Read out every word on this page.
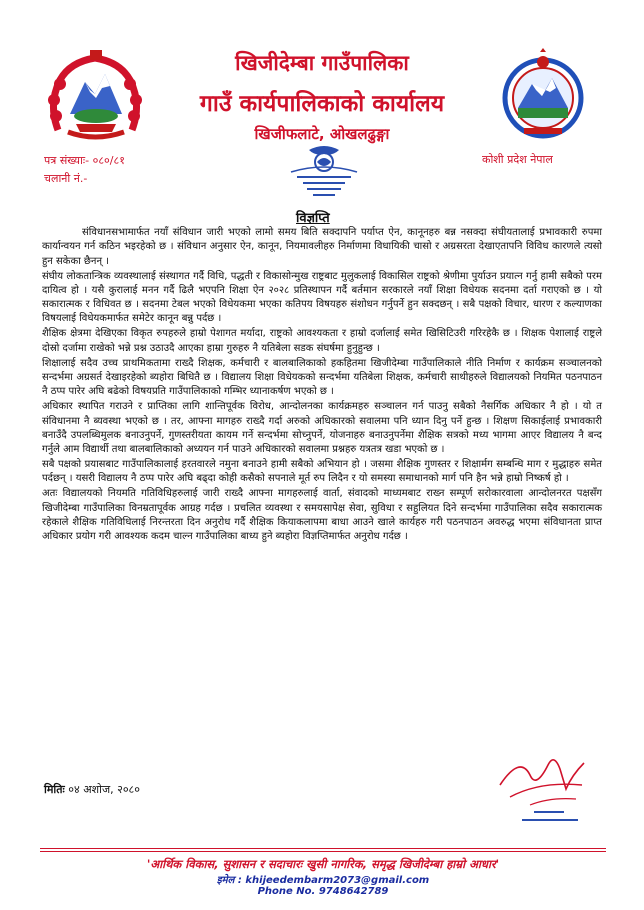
खिजीदेम्बा गाउँपालिका
गाउँ कार्यपालिकाको कार्यालय
खिजीफलाटे, ओखलढुङ्गा
पत्र संख्याः- ०८०/८१
चलानी नं.-
कोशी प्रदेश नेपाल
विज्ञप्ति

संविधानसभामार्फत नयाँ संविधान जारी भएको लामो समय बिति सक्दापनि पर्याप्त ऐन, कानूनहरु बन्न नसक्दा संघीयतालाई प्रभावकारी रुपमा कार्यान्वयन गर्न कठिन भइरहेको छ । संविधान अनुसार ऐन, कानून, नियमावलीहरु निर्माणमा विधायिकी चासो र अग्रसरता देखाएतापनि विविध कारणले त्यसो हुन सकेका छैनन् ।

संघीय लोकतान्त्रिक व्यवस्थालाई संस्थागत गर्दै विधि, पद्धती र विकासोन्मुख राष्ट्रबाट मुलुकलाई विकासिल राष्ट्रको श्रेणीमा पुर्याउन प्रयात्न गर्नु हामी सबैको परम दायित्व हो । यसै कुरालाई मनन गर्दै ढिलै भएपनि शिक्षा ऐन २०२८ प्रतिस्थापन गर्दै बर्तमान सरकारले नयाँ शिक्षा विधेयक सदनमा दर्ता गराएको छ । यो सकारात्मक र विधिवत छ । सदनमा टेबल भएको विधेयकमा भएका कतिपय विषयहरु संशोधन गर्नुपर्ने हुन सक्दछन् । सबै पक्षको विचार, धारण र कल्याणका विषयलाई विधेयकमार्फत समेटेर कानून बन्नु पर्दछ ।

शैक्षिक क्षेत्रमा देखिएका विकृत रुपहरुले हाम्रो पेशागत मर्यादा, राष्ट्रको आवश्यकता र हाम्रो दर्जालाई समेत खिसिटिउरी गरिरहेकै छ । शिक्षक पेशालाई राष्ट्रले दोस्रो दर्जामा राखेको भन्ने प्रश्न उठाउदै आएका हाम्रा गुरुहरु नै यतिबेला सडक संघर्षमा हुनुहुन्छ ।

शिक्षालाई सदैव उच्च प्राथमिकतामा राख्दै शिक्षक, कर्मचारी र बालबालिकाको हकहितमा खिजीदेम्बा गाउँपालिकाले नीति निर्माण र कार्यक्रम सञ्चालनको सन्दर्भमा अग्रसर्त देखाइरहेको ब्यहोरा बिधितै छ । विद्यालय शिक्षा विधेयकको सन्दर्भमा यतिबेला शिक्षक, कर्मचारी साथीहरुले विद्यालयको नियमित पठनपाठन नै ठप्प पारेर अघि बढेको विषयप्रति गाउँपालिकाको गम्भिर ध्यानाकर्षण भएको छ ।

अधिकार स्थापित गराउने र प्राप्तिका लागि शान्तिपूर्वक विरोध, आन्दोलनका कार्यक्रमहरु सञ्चालन गर्न पाउनु सबैको नैसर्गिक अधिकार नै हो । यो त संविधानमा नै ब्यवस्था भएको छ । तर, आफ्ना मागहरु राख्दै गर्दा अरुको अधिकारको सवालमा पनि ध्यान दिनु पर्ने हुन्छ । शिक्षण सिकाईलाई प्रभावकारी बनाउँदै उपलब्धिमुलक बनाउनुपर्ने, गुणस्तरीयता कायम गर्ने सन्दर्भमा सोच्नुपर्ने, योजनाहरु बनाउनुपर्नेमा शैक्षिक सत्रको मध्य भागमा आएर विद्यालय नै बन्द गर्नुले आम विद्यार्थी तथा बालबालिकाको अध्ययन गर्न पाउने अधिकारको सवालमा प्रश्नहरु यत्रतत्र खडा भएको छ ।

सबै पक्षको प्रयासबाट गाउँपालिकालाई हरतवारले नमुना बनाउने हामी सबैको अभियान हो । जसमा शैक्षिक गुणस्तर र शिक्षार्मग सम्बन्धि माग र मुद्धाहरु समेत पर्दछन् । यसरी विद्यालय नै ठप्प पारेर अघि बढ्दा कोही कसैको सपनाले मूर्त रुप लिदैन र यो समस्या समाधानको मार्ग पनि हैन भन्ने हाम्रो निष्कर्ष हो ।

अतः विद्यालयको नियमति गतिविधिहरुलाई जारी राख्दै आफ्ना मागहरुलाई वार्ता, संवादको माध्यमबाट राख्न सम्पूर्ण सरोकारवाला आन्दोलनरत पक्षसँग खिजीदेम्बा गाउँपालिका विनम्रतापूर्वक आग्रह गर्दछ । प्रचलित व्यवस्था र समयसापेक्ष सेवा, सुविधा र सहुलियत दिने सन्दर्भमा गाउँपालिका सदैव सकारात्मक रहेकाले शैक्षिक गतिविधिलाई निरन्तरता दिन अनुरोध गर्दै शैक्षिक कियाकलापमा बाधा आउने खाले कार्यहरु गरी पठनपाठन अवरुद्ध भएमा संविधानता प्राप्त अधिकार प्रयोग गरी आवश्यक कदम चाल्न गाउँपालिका बाध्य हुने ब्यहोरा विज्ञप्तिमार्फत अनुरोध गर्दछ ।

मितिः ०४ अशोज, २०८०
'आर्थिक विकास, सुशासन र सदाचारः खुसी नागरिक, समृद्ध खिजीदेम्बा हाम्रो आधार'
इमेल : khijeedembarm2073@gmail.com
Phone No. 9748642789
